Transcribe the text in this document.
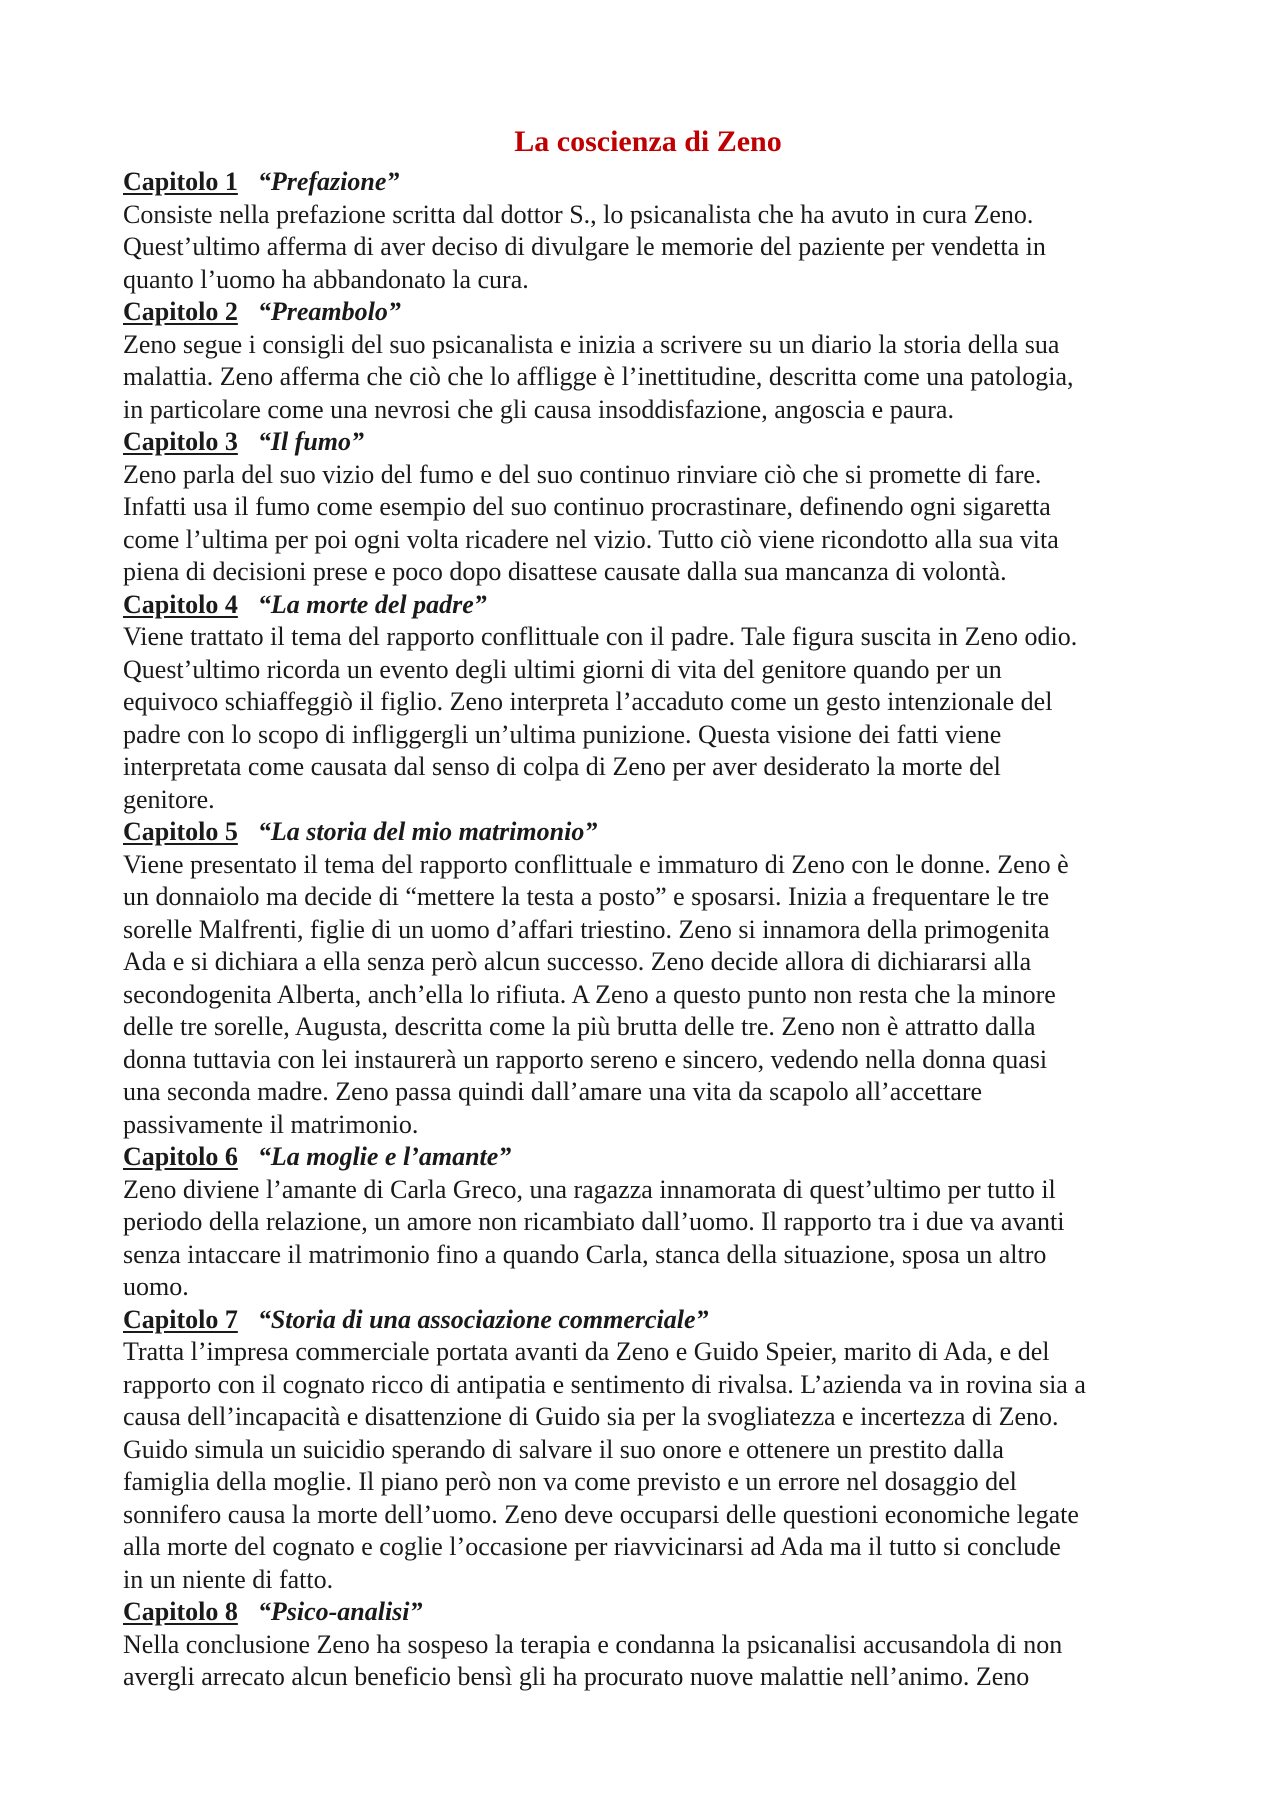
La coscienza di Zeno
Capitolo 1 “Prefazione”

Consiste nella prefazione scritta dal dottor S., lo psicanalista che ha avuto in cura Zeno.

Quest’ultimo afferma di aver deciso di divulgare le memorie del paziente per vendetta in

quanto l’uomo ha abbandonato la cura.

Capitolo 2 “Preambolo”

Zeno segue i consigli del suo psicanalista e inizia a scrivere su un diario la storia della sua

malattia. Zeno afferma che ciò che lo affligge è l’inettitudine, descritta come una patologia,

in particolare come una nevrosi che gli causa insoddisfazione, angoscia e paura.

Capitolo 3 “Il fumo”

Zeno parla del suo vizio del fumo e del suo continuo rinviare ciò che si promette di fare.

Infatti usa il fumo come esempio del suo continuo procrastinare, definendo ogni sigaretta

come l’ultima per poi ogni volta ricadere nel vizio. Tutto ciò viene ricondotto alla sua vita

piena di decisioni prese e poco dopo disattese causate dalla sua mancanza di volontà.

Capitolo 4 “La morte del padre”

Viene trattato il tema del rapporto conflittuale con il padre. Tale figura suscita in Zeno odio.

Quest’ultimo ricorda un evento degli ultimi giorni di vita del genitore quando per un

equivoco schiaffeggiò il figlio. Zeno interpreta l’accaduto come un gesto intenzionale del

padre con lo scopo di infliggergli un’ultima punizione. Questa visione dei fatti viene

interpretata come causata dal senso di colpa di Zeno per aver desiderato la morte del

genitore.

Capitolo 5 “La storia del mio matrimonio”

Viene presentato il tema del rapporto conflittuale e immaturo di Zeno con le donne. Zeno è

un donnaiolo ma decide di “mettere la testa a posto” e sposarsi. Inizia a frequentare le tre

sorelle Malfrenti, figlie di un uomo d’affari triestino. Zeno si innamora della primogenita

Ada e si dichiara a ella senza però alcun successo. Zeno decide allora di dichiararsi alla

secondogenita Alberta, anch’ella lo rifiuta. A Zeno a questo punto non resta che la minore

delle tre sorelle, Augusta, descritta come la più brutta delle tre. Zeno non è attratto dalla

donna tuttavia con lei instaurerà un rapporto sereno e sincero, vedendo nella donna quasi

una seconda madre. Zeno passa quindi dall’amare una vita da scapolo all’accettare

passivamente il matrimonio.

Capitolo 6 “La moglie e l’amante”

Zeno diviene l’amante di Carla Greco, una ragazza innamorata di quest’ultimo per tutto il

periodo della relazione, un amore non ricambiato dall’uomo. Il rapporto tra i due va avanti

senza intaccare il matrimonio fino a quando Carla, stanca della situazione, sposa un altro

uomo.

Capitolo 7 “Storia di una associazione commerciale”

Tratta l’impresa commerciale portata avanti da Zeno e Guido Speier, marito di Ada, e del

rapporto con il cognato ricco di antipatia e sentimento di rivalsa. L’azienda va in rovina sia a

causa dell’incapacità e disattenzione di Guido sia per la svogliatezza e incertezza di Zeno.

Guido simula un suicidio sperando di salvare il suo onore e ottenere un prestito dalla

famiglia della moglie. Il piano però non va come previsto e un errore nel dosaggio del

sonnifero causa la morte dell’uomo. Zeno deve occuparsi delle questioni economiche legate

alla morte del cognato e coglie l’occasione per riavvicinarsi ad Ada ma il tutto si conclude

in un niente di fatto.

Capitolo 8 “Psico-analisi”

Nella conclusione Zeno ha sospeso la terapia e condanna la psicanalisi accusandola di non

avergli arrecato alcun beneficio bensì gli ha procurato nuove malattie nell’animo. Zeno
